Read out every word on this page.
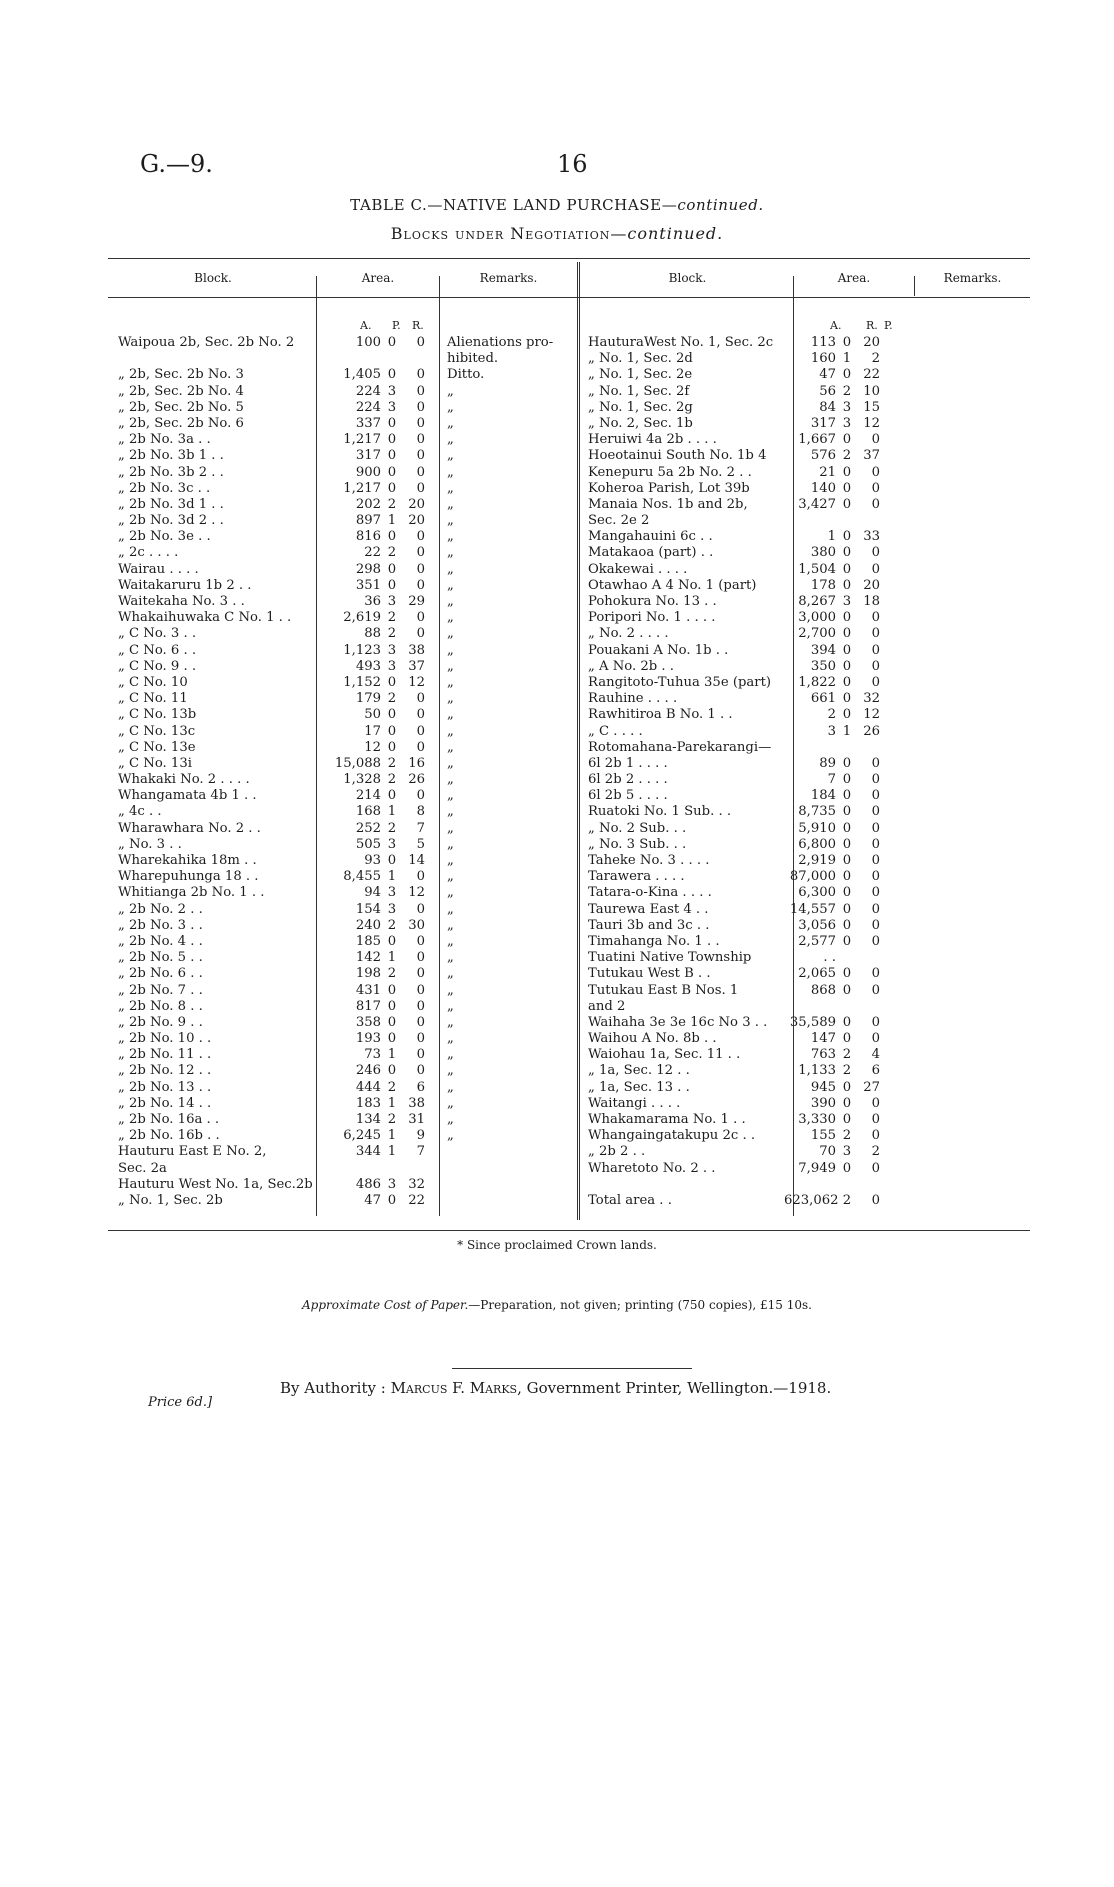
G.—9.	16
TABLE C.—NATIVE LAND PURCHASE—continued.
Blocks under Negotiation—continued.
Block.	Area.	Remarks.	Block.	Area.	Remarks.
A. P. R.	A. R. P.
Waipoua 2b, Sec. 2b No. 2	100 0	0 Alienations pro-
hibited.
„ 2b, Sec. 2b No. 3	1,405 0	0 Ditto.
„ 2b, Sec. 2b No. 4	224 3	0 „
„ 2b, Sec. 2b No. 5	224 3	0 „
„ 2b, Sec. 2b No. 6	337 0	0 „
„ 2b No. 3a . .	1,217 0	0 „
„ 2b No. 3b 1 . .	317 0	0 „
„ 2b No. 3b 2 . .	900 0	0 „
„ 2b No. 3c . .	1,217 0	0 „
„ 2b No. 3d 1 . .	202 2 20 „
„ 2b No. 3d 2 . .	897 1 20 „
„ 2b No. 3e . .	816 0	0 „
„ 2c . . . .	22 2	0 „
Wairau . . . .	298 0	0 „
Waitakaruru 1b 2 . .	351 0	0 „
Waitekaha No. 3 . .	36 3 29 „
Whakaihuwaka C No. 1 . .	2,619 2	0 „
„ C No. 3 . .	88 2	0 „
„ C No. 6 . .	1,123 3 38 „
„ C No. 9 . .	493 3 37 „
„ C No. 10	1,152 0 12 „
„ C No. 11	179 2	0 „
„ C No. 13b	50 0	0 „
„ C No. 13c	17 0	0 „
„ C No. 13e	12 0	0 „
„ C No. 13i	15,088 2 16 „
Whakaki No. 2 . . . .	1,328 2 26 „
Whangamata 4b 1 . .	214 0	0 „
„ 4c . .	168 1	8 „
Wharawhara No. 2 . .	252 2	7 „
„ No. 3 . .	505 3	5 „
Wharekahika 18m . .	93 0 14 „
Wharepuhunga 18 . .	8,455 1	0 „
Whitianga 2b No. 1 . .	94 3 12 „
„ 2b No. 2 . .	154 3	0 „
„ 2b No. 3 . .	240 2 30 „
„ 2b No. 4 . .	185 0	0 „
„ 2b No. 5 . .	142 1	0 „
„ 2b No. 6 . .	198 2	0 „
„ 2b No. 7 . .	431 0	0 „
„ 2b No. 8 . .	817 0	0 „
„ 2b No. 9 . .	358 0	0 „
„ 2b No. 10 . .	193 0	0 „
„ 2b No. 11 . .	73 1	0 „
„ 2b No. 12 . .	246 0	0 „
„ 2b No. 13 . .	444 2	6 „
„ 2b No. 14 . .	183 1 38 „
„ 2b No. 16a . .	134 2 31 „
„ 2b No. 16b . .	6,245 1	9 „
Hauturu East E No. 2,	344 1	7
Sec. 2a
Hauturu West No. 1a, Sec.2b	486 3 32
„ No. 1, Sec. 2b	47 0 22
HauturaWest No. 1, Sec. 2c	113 0 20
„ No. 1, Sec. 2d	160 1	2
„ No. 1, Sec. 2e	47 0 22
„ No. 1, Sec. 2f	56 2 10
„ No. 1, Sec. 2g	84 3 15
„ No. 2, Sec. 1b	317 3 12
Heruiwi 4a 2b . . . .	1,667 0	0
Hoeotainui South No. 1b 4	576 2 37
Kenepuru 5a 2b No. 2 . .	21 0	0
Koheroa Parish, Lot 39b	140 0	0
Manaia Nos. 1b and 2b,	3,427 0	0
Sec. 2e 2
Mangahauini 6c . .	1 0 33
Matakaoa (part) . .	380 0	0
Okakewai . . . .	1,504 0	0
Otawhao A 4 No. 1 (part)	178 0 20
Pohokura No. 13 . .	8,267 3 18
Poripori No. 1 . . . .	3,000 0	0
„ No. 2 . . . .	2,700 0	0
Pouakani A No. 1b . .	394 0	0
„ A No. 2b . .	350 0	0
Rangitoto-Tuhua 35e (part)	1,822 0	0
Rauhine . . . .	661 0 32
Rawhitiroa B No. 1 . .	2 0 12
„ C . . . .	3 1 26
Rotomahana-Parekarangi—
6l 2b 1 . . . .	89 0	0
6l 2b 2 . . . .	7 0	0
6l 2b 5 . . . .	184 0	0
Ruatoki No. 1 Sub. . .	8,735 0	0
„ No. 2 Sub. . .	5,910 0	0
„ No. 3 Sub. . .	6,800 0	0
Taheke No. 3 . . . .	2,919 0	0
Tarawera . . . .	87,000 0	0
Tatara-o-Kina . . . .	6,300 0	0
Taurewa East 4 . .	14,557 0	0
Tauri 3b and 3c . .	3,056 0	0
Timahanga No. 1 . .	2,577 0	0
Tuatini Native Township	. .
Tutukau West B . .	2,065 0	0
Tutukau East B Nos. 1	868 0	0
and 2
Waihaha 3e 3e 16c No 3 . .	35,589 0	0
Waihou A No. 8b . .	147 0	0
Waiohau 1a, Sec. 11 . .	763 2	4
„ 1a, Sec. 12 . .	1,133 2	6
„ 1a, Sec. 13 . .	945 0 27
Waitangi . . . .	390 0	0
Whakamarama No. 1 . .	3,330 0	0
Whangaingatakupu 2c . .	155 2	0
„ 2b 2 . .	70 3	2
Wharetoto No. 2 . .	7,949 0	0
Total area . .	623,062 2	0
* Since proclaimed Crown lands.
Approximate Cost of Paper.—Preparation, not given; printing (750 copies), £15 10s.
By Authority : Marcus F. Marks, Government Printer, Wellington.—1918.
Price 6d.]
